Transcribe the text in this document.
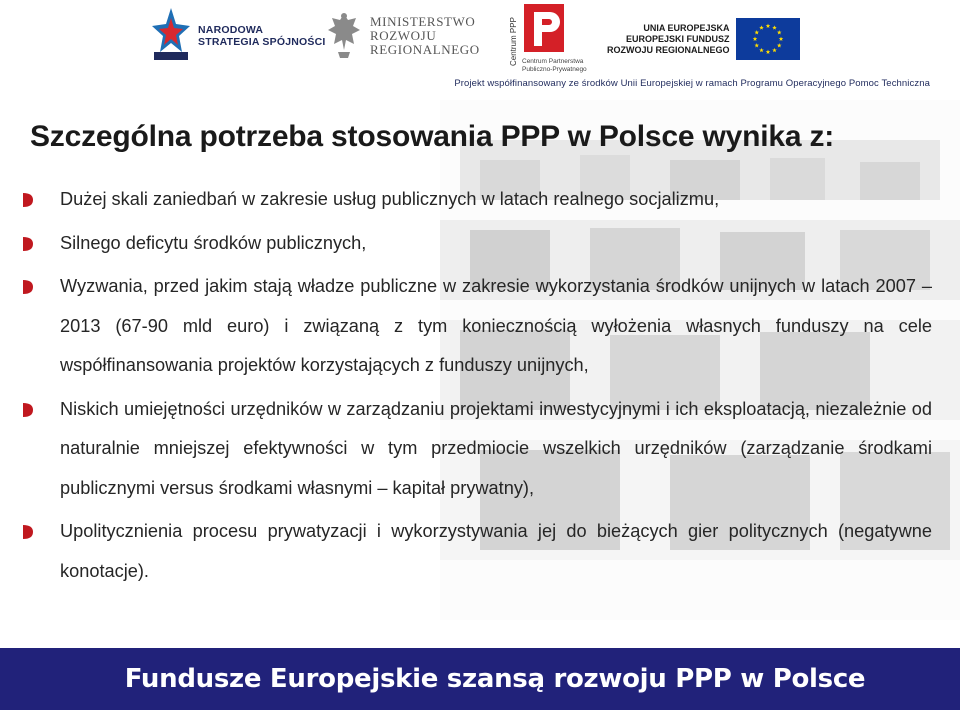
NARODOWA
STRATEGIA SPÓJNOŚCI
MINISTERSTWO
ROZWOJU
REGIONALNEGO	Centrum PPP Centrum Partnerstwa
Publiczno-Prywatnego
UNIA EUROPEJSKA
EUROPEJSKI FUNDUSZ
ROZWOJU REGIONALNEGO
Projekt współfinansowany ze środków Unii Europejskiej w ramach Programu Operacyjnego Pomoc Techniczna
Szczególna potrzeba stosowania PPP w Polsce wynika z:
Dużej skali zaniedbań w zakresie usług publicznych w latach realnego socjalizmu,
Silnego deficytu środków publicznych,
Wyzwania, przed jakim stają władze publiczne w zakresie wykorzystania środków unijnych w latach 2007 – 2013 (67-90 mld euro) i związaną z tym koniecznością wyłożenia własnych funduszy na cele współfinansowania projektów korzystających z funduszy unijnych,
Niskich umiejętności urzędników w zarządzaniu projektami inwestycyjnymi i ich eksploatacją, niezależnie od naturalnie mniejszej efektywności w tym przedmiocie wszelkich urzędników (zarządzanie środkami publicznymi versus środkami własnymi – kapitał prywatny),
Upolitycznienia procesu prywatyzacji i wykorzystywania jej do bieżących gier politycznych (negatywne konotacje).
Fundusze Europejskie szansą rozwoju PPP w Polsce
